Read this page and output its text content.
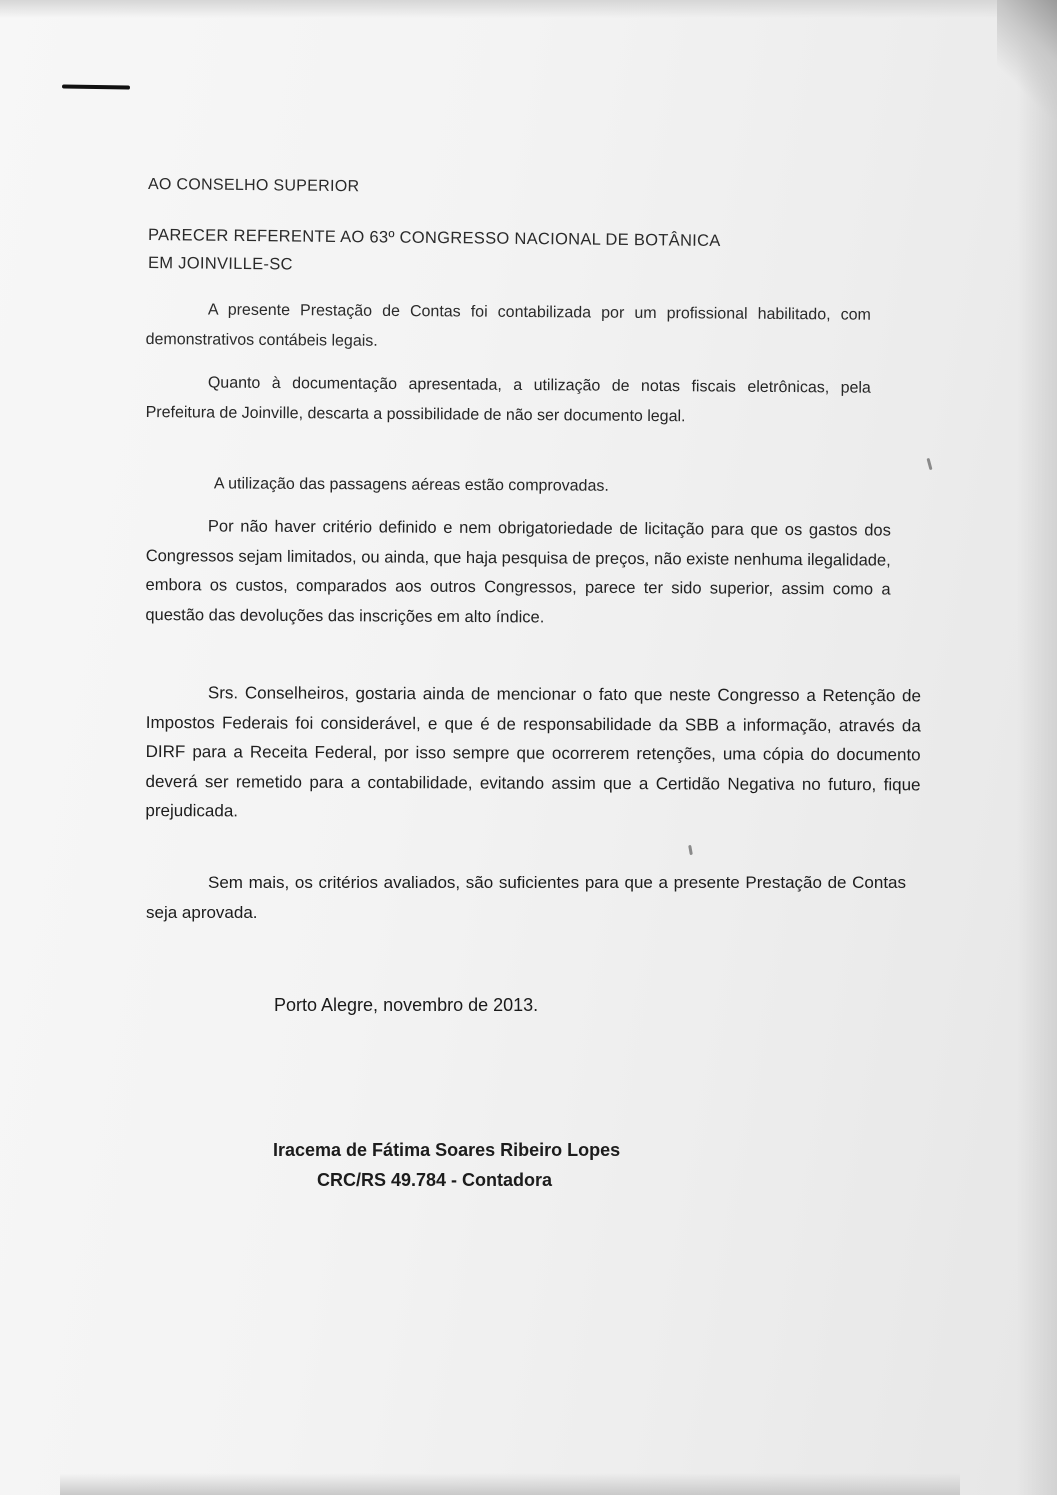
AO CONSELHO SUPERIOR

PARECER REFERENTE AO 63º CONGRESSO NACIONAL DE BOTÂNICA

EM JOINVILLE-SC

A presente Prestação de Contas foi contabilizada por um profissional habilitado, com demonstrativos contábeis legais.

Quanto à documentação apresentada, a utilização de notas fiscais eletrônicas, pela Prefeitura de Joinville, descarta a possibilidade de não ser documento legal.

A utilização das passagens aéreas estão comprovadas.

Por não haver critério definido e nem obrigatoriedade de licitação para que os gastos dos Congressos sejam limitados, ou ainda, que haja pesquisa de preços, não existe nenhuma ilegalidade, embora os custos, comparados aos outros Congressos, parece ter sido superior, assim como a questão das devoluções das inscrições em alto índice.

Srs. Conselheiros, gostaria ainda de mencionar o fato que neste Congresso a Retenção de Impostos Federais foi considerável, e que é de responsabilidade da SBB a informação, através da DIRF para a Receita Federal, por isso sempre que ocorrerem retenções, uma cópia do documento deverá ser remetido para a contabilidade, evitando assim que a Certidão Negativa no futuro, fique prejudicada.

Sem mais, os critérios avaliados, são suficientes para que a presente Prestação de Contas seja aprovada.

Porto Alegre, novembro de 2013.

Iracema de Fátima Soares Ribeiro Lopes

CRC/RS 49.784 - Contadora
